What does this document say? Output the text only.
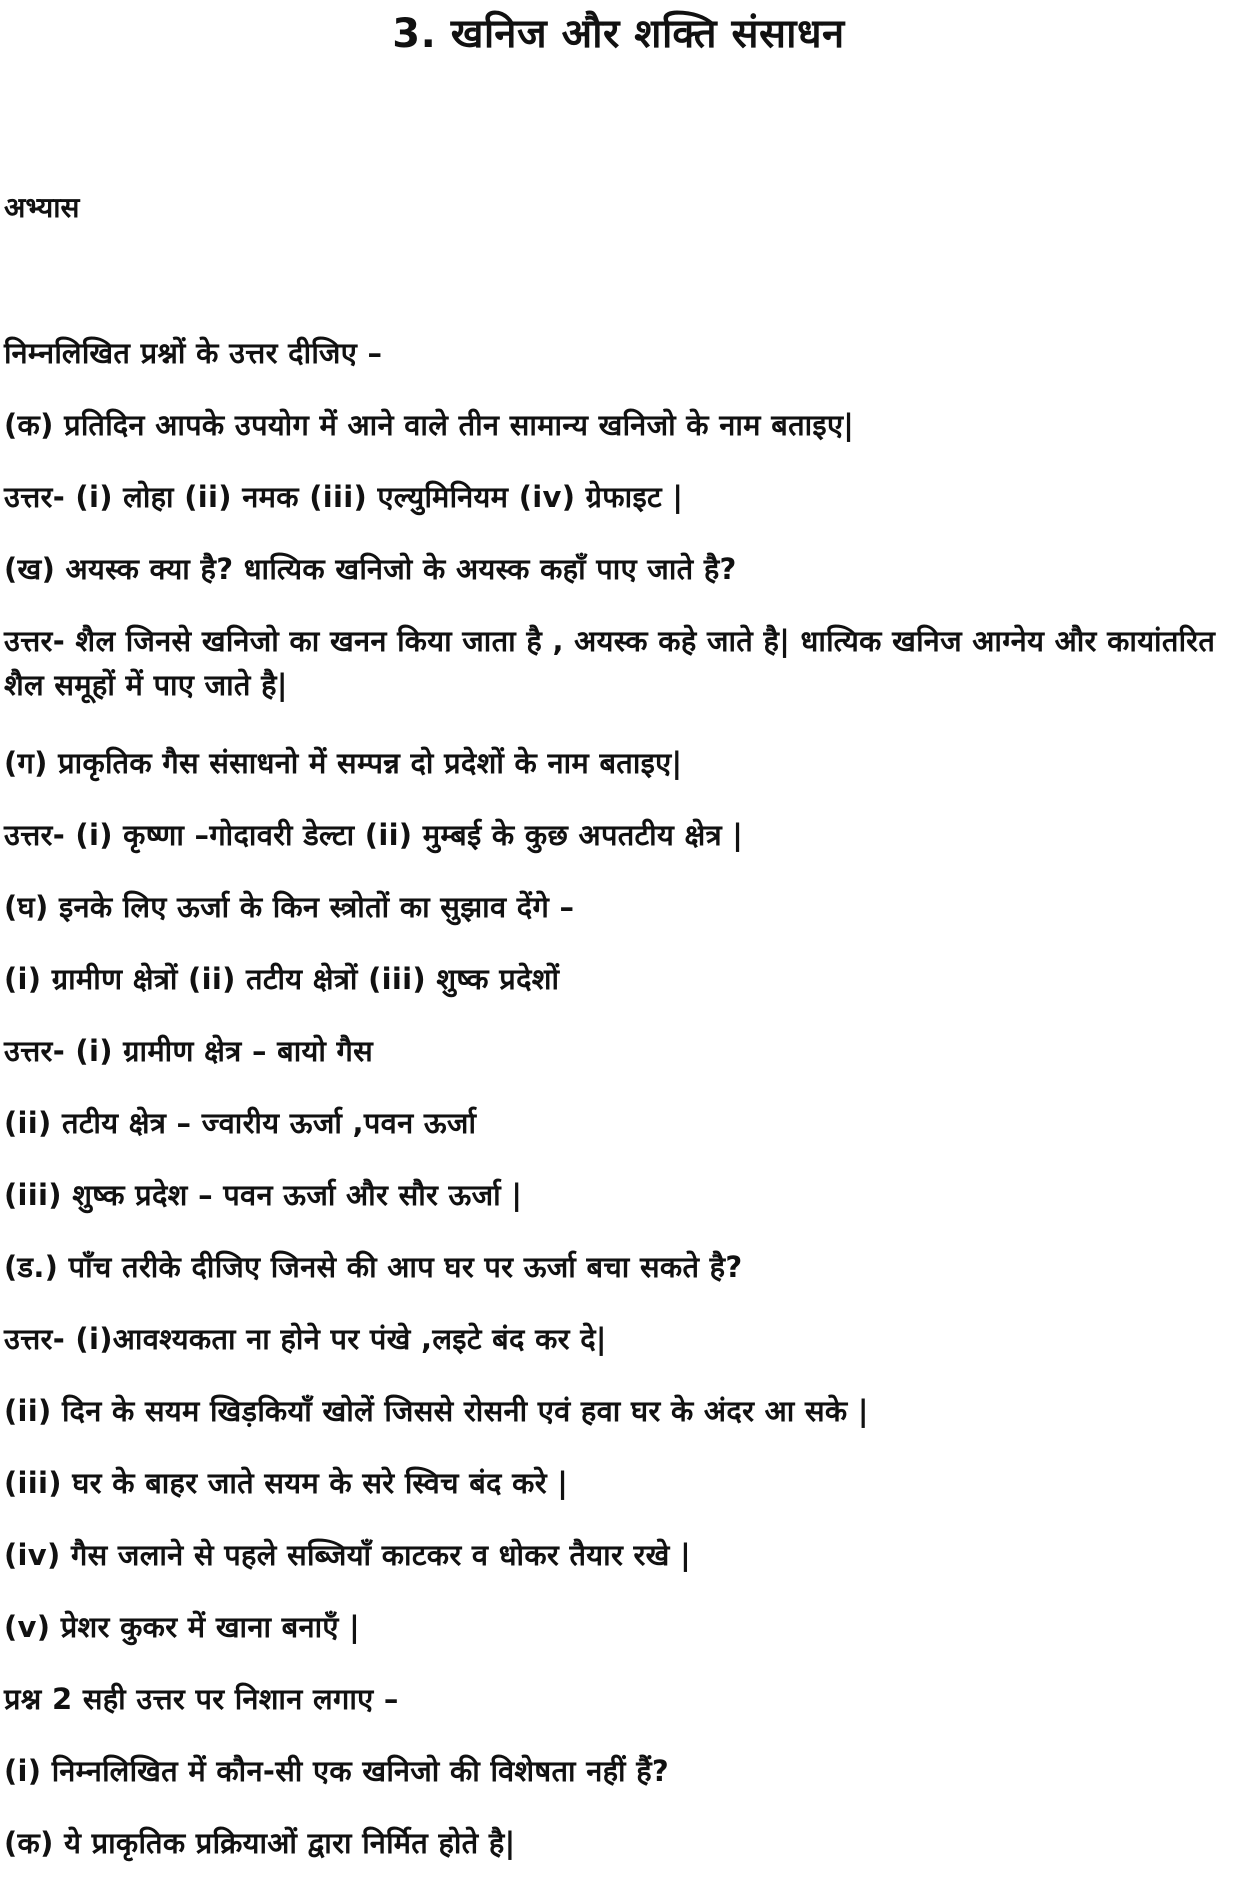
3. खनिज और शक्ति संसाधन
अभ्यास
निम्नलिखित प्रश्नों के उत्तर दीजिए –
(क) प्रतिदिन आपके उपयोग में आने वाले तीन सामान्य खनिजो के नाम बताइए|
उत्तर- (i) लोहा (ii) नमक (iii) एल्युमिनियम (iv) ग्रेफाइट |
(ख) अयस्क क्या है? धात्यिक खनिजो के अयस्क कहाँ पाए जाते है?
उत्तर- शैल जिनसे खनिजो का खनन किया जाता है , अयस्क कहे जाते है| धात्यिक खनिज आग्नेय और कायांतरित शैल समूहों में पाए जाते है|
(ग) प्राकृतिक गैस संसाधनो में सम्पन्न दो प्रदेशों के नाम बताइए|
उत्तर- (i) कृष्णा –गोदावरी डेल्टा (ii) मुम्बई के कुछ अपतटीय क्षेत्र |
(घ) इनके लिए ऊर्जा के किन स्त्रोतों का सुझाव देंगे –
(i) ग्रामीण क्षेत्रों (ii) तटीय क्षेत्रों (iii) शुष्क प्रदेशों
उत्तर- (i) ग्रामीण क्षेत्र – बायो गैस
(ii) तटीय क्षेत्र – ज्वारीय ऊर्जा ,पवन ऊर्जा
(iii) शुष्क प्रदेश – पवन ऊर्जा और सौर ऊर्जा |
(ड.) पाँच तरीके दीजिए जिनसे की आप घर पर ऊर्जा बचा सकते है?
उत्तर- (i)आवश्यकता ना होने पर पंखे ,लइटे बंद कर दे|
(ii) दिन के सयम खिड़कियाँ खोलें जिससे रोसनी एवं हवा घर के अंदर आ सके |
(iii) घर के बाहर जाते सयम के सरे स्विच बंद करे |
(iv) गैस जलाने से पहले सब्जियाँ काटकर व धोकर तैयार रखे |
(v) प्रेशर कुकर में खाना बनाएँ |
प्रश्न 2 सही उत्तर पर निशान लगाए –
(i) निम्नलिखित में कौन-सी एक खनिजो की विशेषता नहीं हैं?
(क) ये प्राकृतिक प्रक्रियाओं द्वारा निर्मित होते है|
